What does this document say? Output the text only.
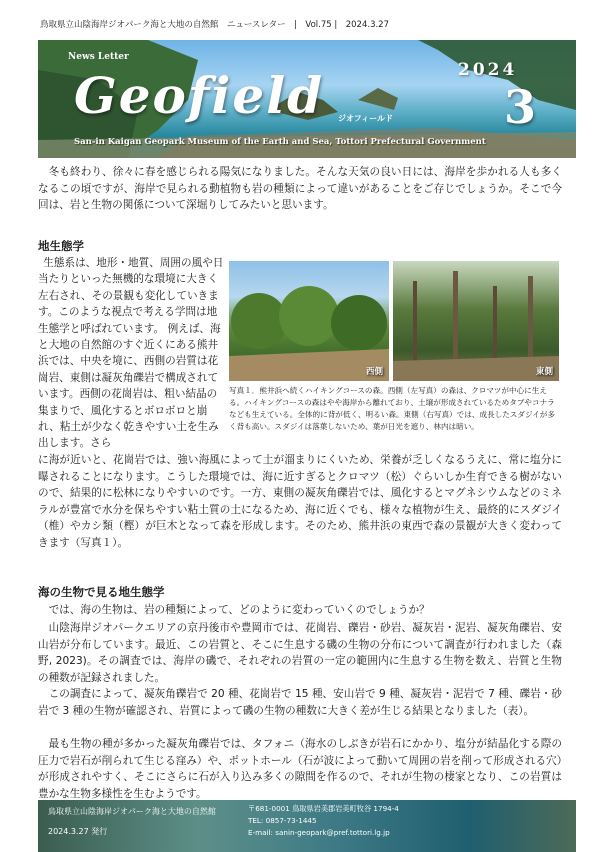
鳥取県立山陰海岸ジオパーク海と大地の自然館　ニュースレター　|　Vol.75 |　2024.3.27
News Letter
Geofield ジオフィールド
2024
3
San-in Kaigan Geopark Museum of the Earth and Sea, Tottori Prefectural Government
冬も終わり、徐々に春を感じられる陽気になりました。そんな天気の良い日には、海岸を歩かれる人も多くなるこの頃ですが、海岸で見られる動植物も岩の種類によって違いがあることをご存じでしょうか。そこで今回は、岩と生物の関係について深堀りしてみたいと思います。
地生態学
生態系は、地形・地質、周囲の風や日当たりといった無機的な環境に大きく左右され、その景観も変化していきます。このような視点で考える学問は地生態学と呼ばれています。 例えば、海と大地の自然館のすぐ近くにある熊井浜では、中央を境に、西側の岩質は花崗岩、東側は凝灰角礫岩で構成されています。西側の花崗岩は、粗い結晶の集まりで、風化するとボロボロと崩れ、粘土が少なく乾きやすい土を生み出します。さら
西側	東側
写真１．熊井浜へ続くハイキングコースの森。西側（左写真）の森は、クロマツが中心に生える。ハイキングコースの森はやや海岸から離れており、土壌が形成されているためタブやコナラなども生えている。全体的に背が低く、明るい森。東側（右写真）では、成長したスダジイが多く背も高い。スダジイは落葉しないため、葉が日光を遮り、林内は暗い。
に海が近いと、花崗岩では、強い海風によって土が溜まりにくいため、栄養が乏しくなるうえに、常に塩分に曝されることになります。こうした環境では、海に近すぎるとクロマツ（松）ぐらいしか生育できる樹がないので、結果的に松林になりやすいのです。一方、東側の凝灰角礫岩では、風化するとマグネシウムなどのミネラルが豊富で水分を保ちやすい粘土質の土になるため、海に近くでも、様々な植物が生え、最終的にスダジイ（椎）やカシ類（樫）が巨木となって森を形成します。そのため、熊井浜の東西で森の景観が大きく変わってきます（写真１）。
海の生物で見る地生態学
では、海の生物は、岩の種類によって、どのように変わっていくのでしょうか？
山陰海岸ジオパークエリアの京丹後市や豊岡市では、花崗岩、礫岩・砂岩、凝灰岩・泥岩、凝灰角礫岩、安山岩が分布しています。最近、この岩質と、そこに生息する磯の生物の分布について調査が行われました（森野, 2023)。その調査では、海岸の磯で、それぞれの岩質の一定の範囲内に生息する生物を数え、岩質と生物の種数が記録されました。
この調査によって、凝灰角礫岩で 20 種、花崗岩で 15 種、安山岩で 9 種、凝灰岩・泥岩で 7 種、礫岩・砂岩で 3 種の生物が確認され、岩質によって磯の生物の種数に大きく差が生じる結果となりました（表）。
最も生物の種が多かった凝灰角礫岩では、タフォニ（海水のしぶきが岩石にかかり、塩分が結晶化する際の圧力で岩石が削られて生じる窪み）や、ポットホール（石が波によって動いて周囲の岩を削って形成される穴）が形成されやすく、そこにさらに石が入り込み多くの隙間を作るので、それが生物の棲家となり、この岩質は豊かな生物多様性を生むようです。
鳥取県立山陰海岸ジオパーク海と大地の自然館
2024.3.27 発行
〒681-0001 鳥取県岩美郡岩美町牧谷 1794-4
TEL: 0857-73-1445
E-mail: sanin-geopark@pref.tottori.lg.jp
